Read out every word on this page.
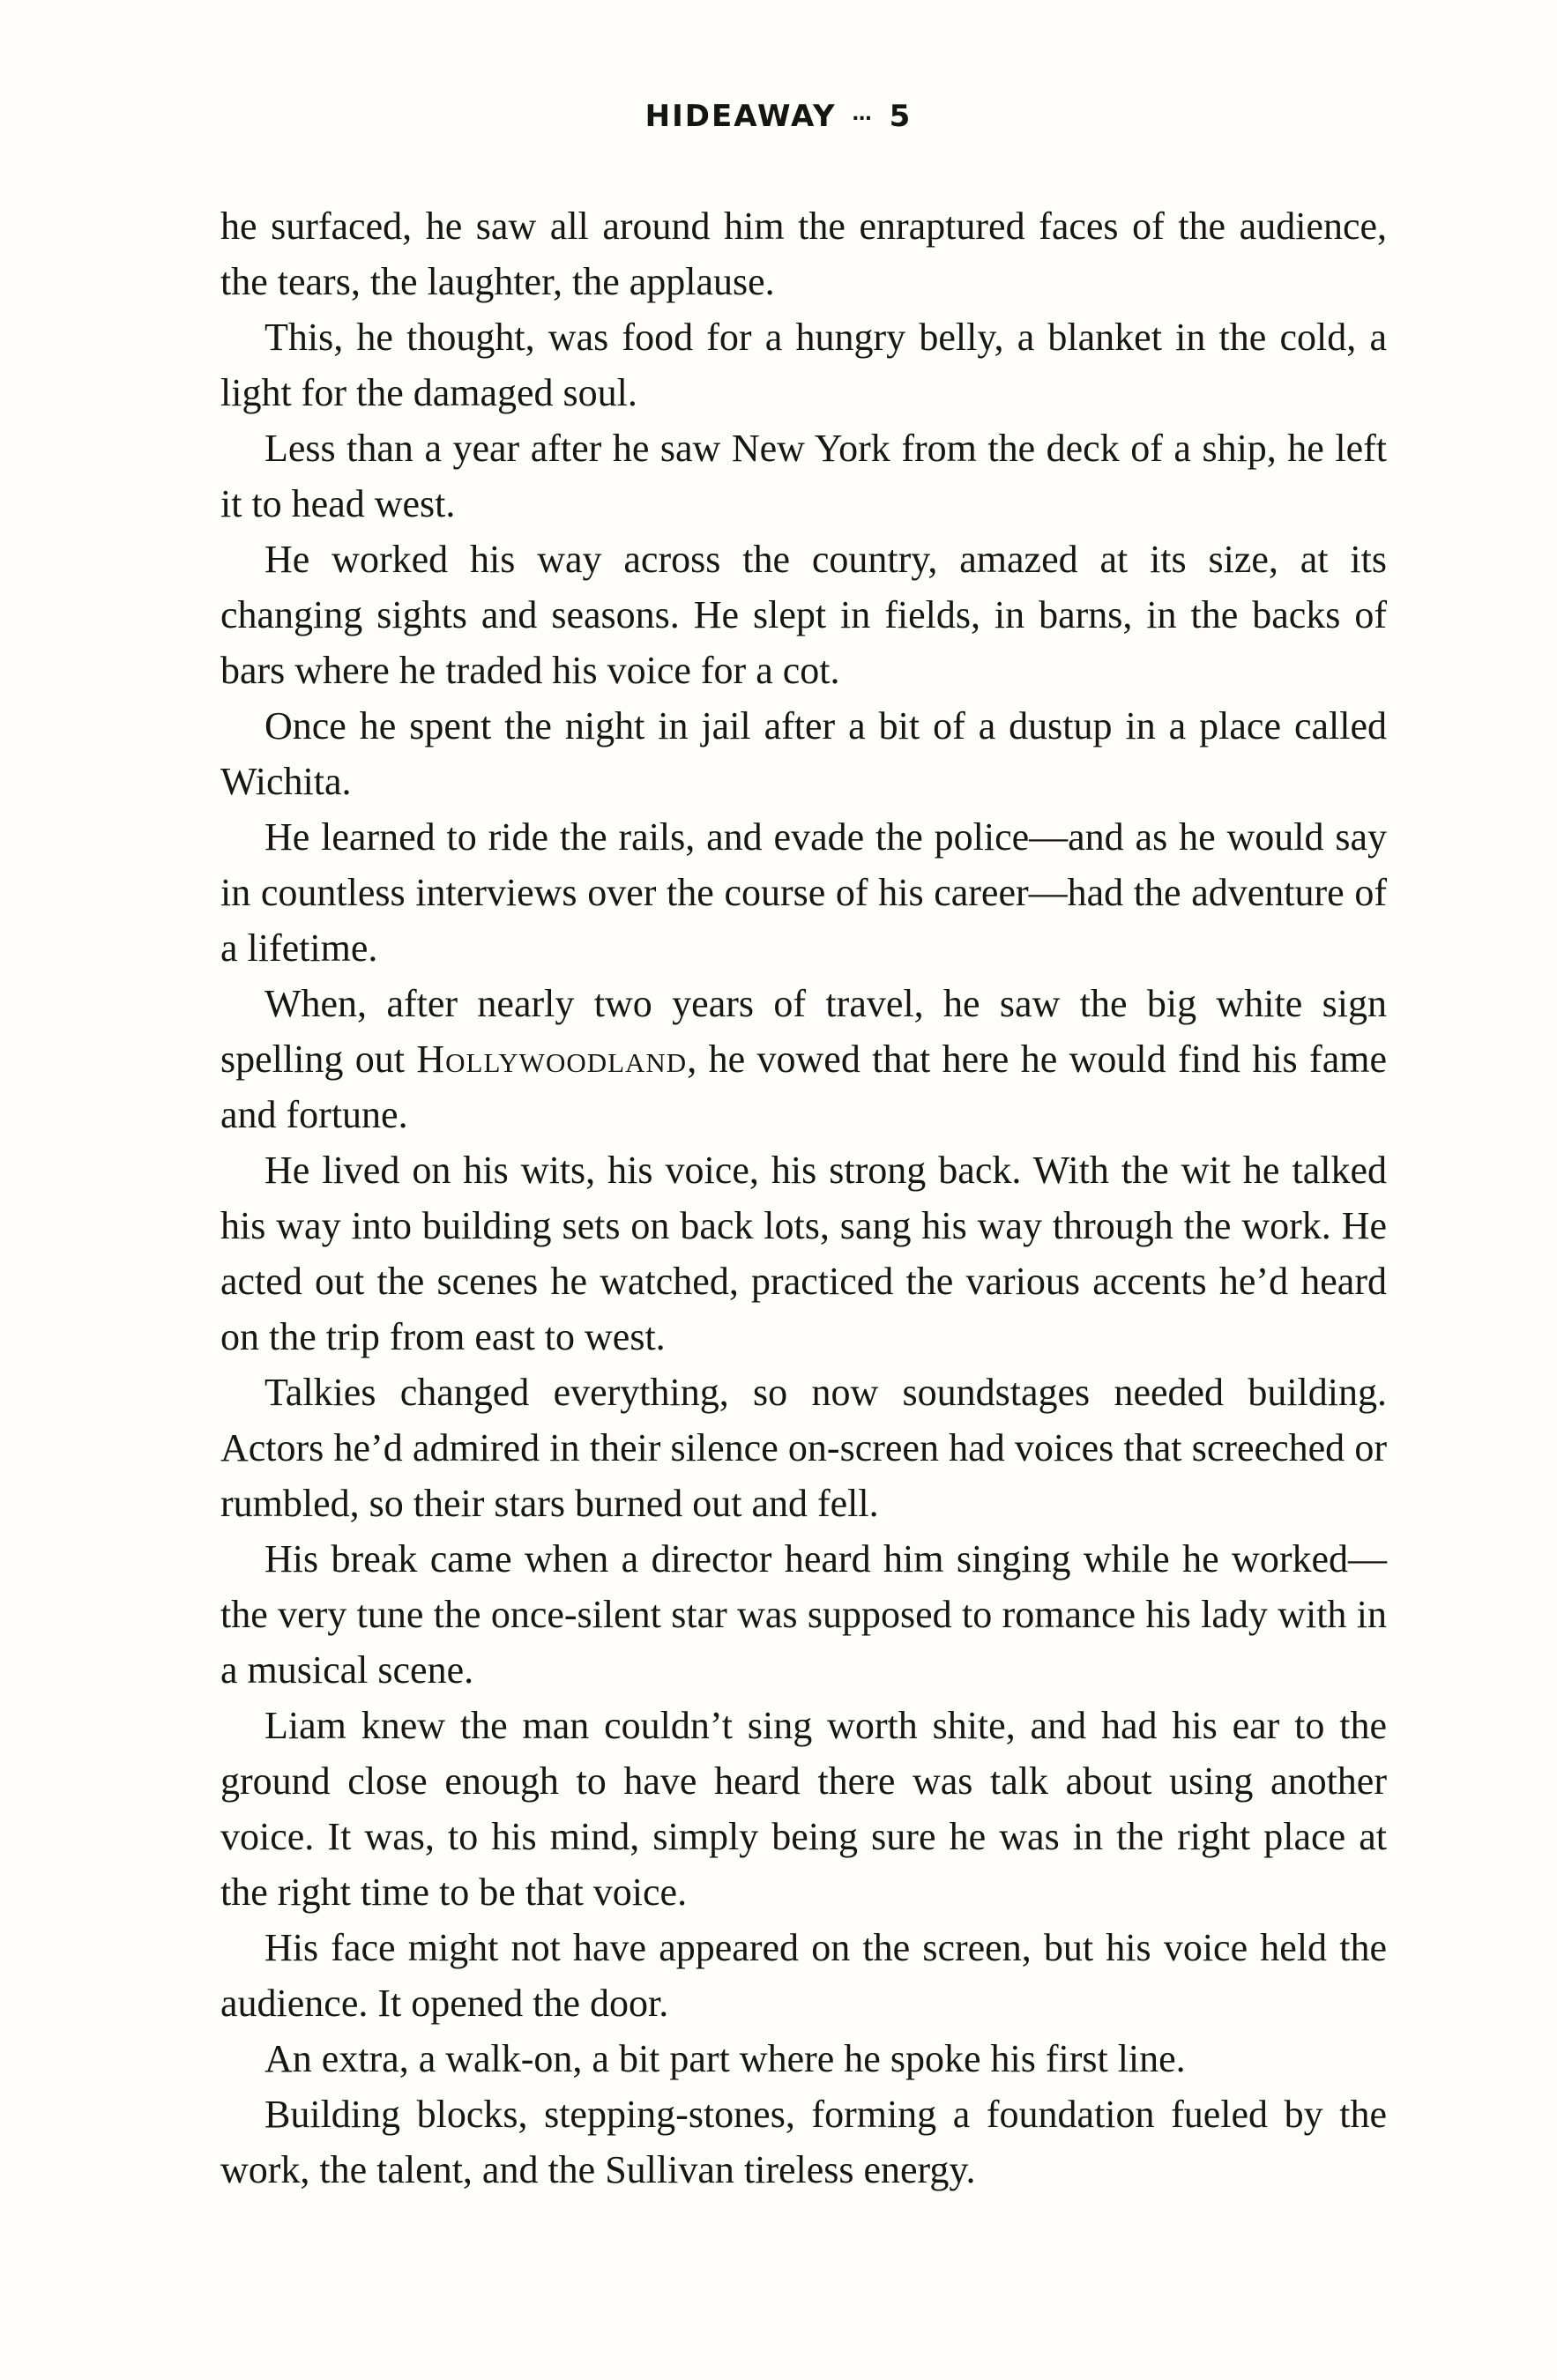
HIDEAWAY … 5

he surfaced, he saw all around him the enraptured faces of the audience, the tears, the laughter, the applause.

This, he thought, was food for a hungry belly, a blanket in the cold, a light for the damaged soul.

Less than a year after he saw New York from the deck of a ship, he left it to head west.

He worked his way across the country, amazed at its size, at its changing sights and seasons. He slept in fields, in barns, in the backs of bars where he traded his voice for a cot.

Once he spent the night in jail after a bit of a dustup in a place called Wichita.

He learned to ride the rails, and evade the police—and as he would say in countless interviews over the course of his career—had the adventure of a lifetime.

When, after nearly two years of travel, he saw the big white sign spelling out Hollywoodland, he vowed that here he would find his fame and fortune.

He lived on his wits, his voice, his strong back. With the wit he talked his way into building sets on back lots, sang his way through the work. He acted out the scenes he watched, practiced the various accents he’d heard on the trip from east to west.

Talkies changed everything, so now soundstages needed building. Actors he’d admired in their silence on-screen had voices that screeched or rumbled, so their stars burned out and fell.

His break came when a director heard him singing while he worked—the very tune the once-silent star was supposed to romance his lady with in a musical scene.

Liam knew the man couldn’t sing worth shite, and had his ear to the ground close enough to have heard there was talk about using another voice. It was, to his mind, simply being sure he was in the right place at the right time to be that voice.

His face might not have appeared on the screen, but his voice held the audience. It opened the door.

An extra, a walk-on, a bit part where he spoke his first line.

Building blocks, stepping-stones, forming a foundation fueled by the work, the talent, and the Sullivan tireless energy.
